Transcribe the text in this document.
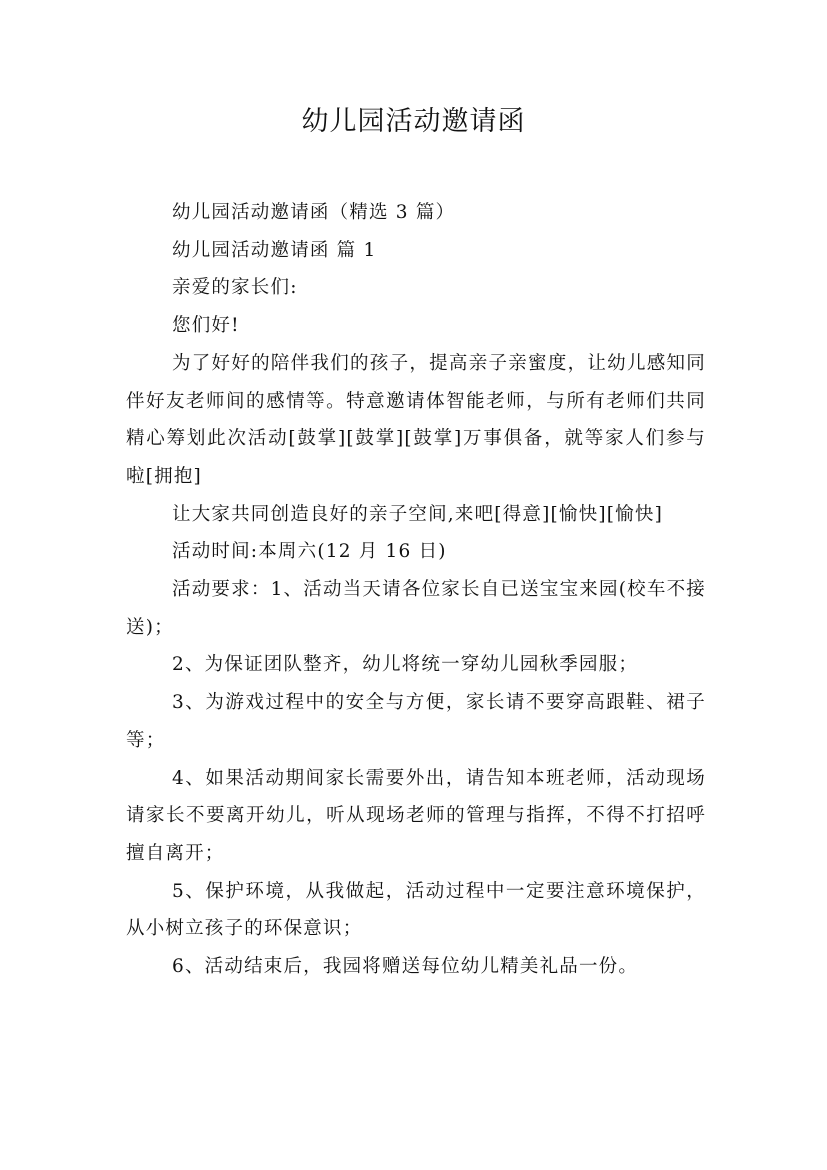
幼儿园活动邀请函

幼儿园活动邀请函（精选 3 篇）

幼儿园活动邀请函 篇 1

亲爱的家长们:

您们好!

为了好好的陪伴我们的孩子，提高亲子亲蜜度，让幼儿感知同伴好友老师间的感情等。特意邀请体智能老师，与所有老师们共同精心筹划此次活动[鼓掌][鼓掌][鼓掌]万事俱备，就等家人们参与啦[拥抱]

让大家共同创造良好的亲子空间,来吧[得意][愉快][愉快]

活动时间:本周六(12 月 16 日)

活动要求：1、活动当天请各位家长自已送宝宝来园(校车不接送)；

2、为保证团队整齐，幼儿将统一穿幼儿园秋季园服；

3、为游戏过程中的安全与方便，家长请不要穿高跟鞋、裙子等；

4、如果活动期间家长需要外出，请告知本班老师，活动现场请家长不要离开幼儿，听从现场老师的管理与指挥，不得不打招呼擅自离开；

5、保护环境，从我做起，活动过程中一定要注意环境保护，从小树立孩子的环保意识；

6、活动结束后，我园将赠送每位幼儿精美礼品一份。
